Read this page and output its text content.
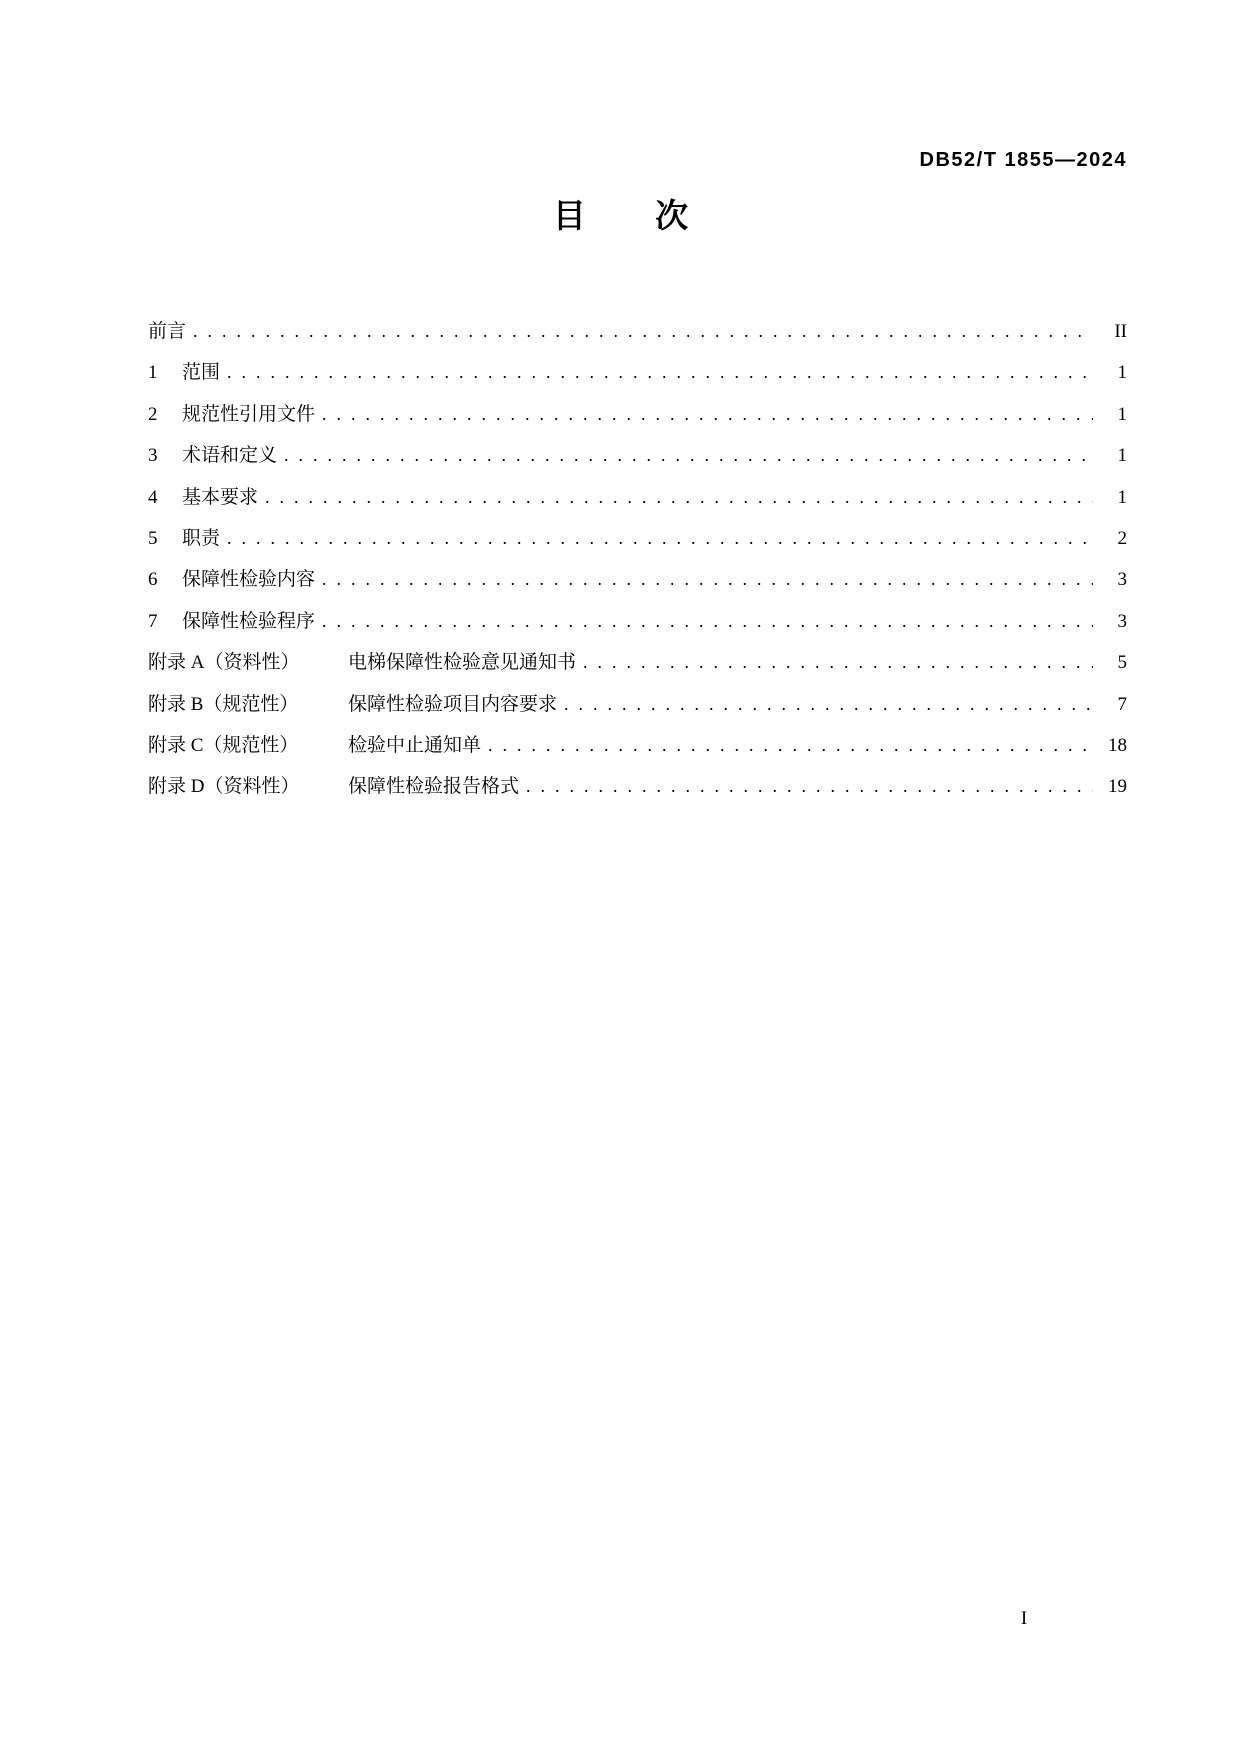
DB52/T 1855—2024
目次
前言 .....	II
1	范围 .....	1
2	规范性引用文件 .....	1
3	术语和定义 .....	1
4	基本要求 .....	1
5	职责 .....	2
6	保障性检验内容 .....	3
7	保障性检验程序 .....	3
附录 A（资料性）	电梯保障性检验意见通知书 .....	5
附录 B（规范性）	保障性检验项目内容要求 .....	7
附录 C（规范性）	检验中止通知单 .....	18
附录 D（资料性）	保障性检验报告格式 .....	19
I
